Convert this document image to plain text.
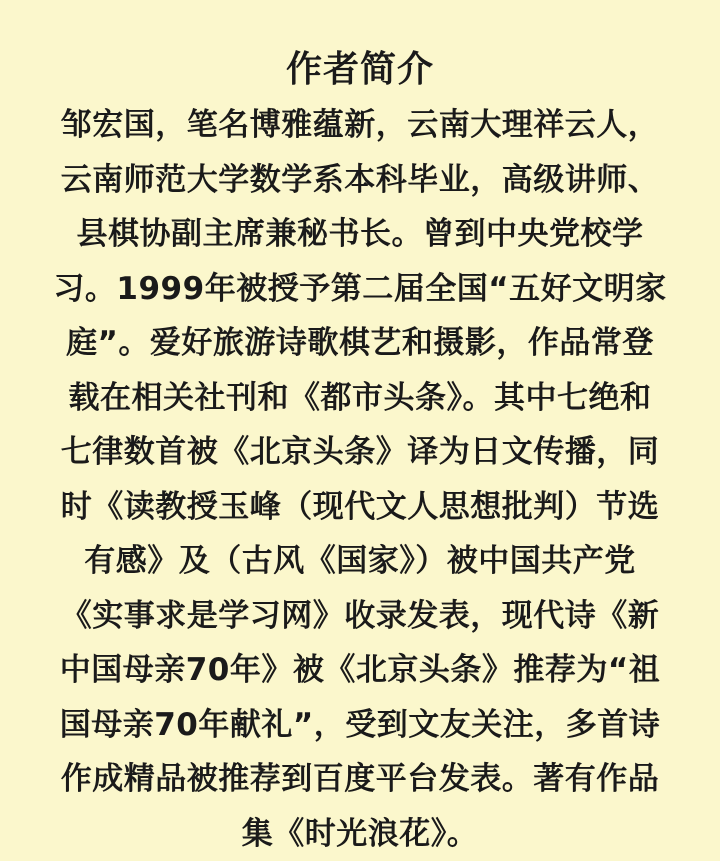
作者简介
邹宏国，笔名博雅蕴新，云南大理祥云人，
云南师范大学数学系本科毕业，高级讲师、
县棋协副主席兼秘书长。曾到中央党校学
习。1999年被授予第二届全国“五好文明家
庭”。爱好旅游诗歌棋艺和摄影，作品常登
载在相关社刊和《都市头条》。其中七绝和
七律数首被《北京头条》译为日文传播，同
时《读教授玉峰（现代文人思想批判）节选
有感》及（古风《国家》）被中国共产党
《实事求是学习网》收录发表，现代诗《新
中国母亲70年》被《北京头条》推荐为“祖
国母亲70年献礼”，受到文友关注，多首诗
作成精品被推荐到百度平台发表。著有作品
集《时光浪花》。
